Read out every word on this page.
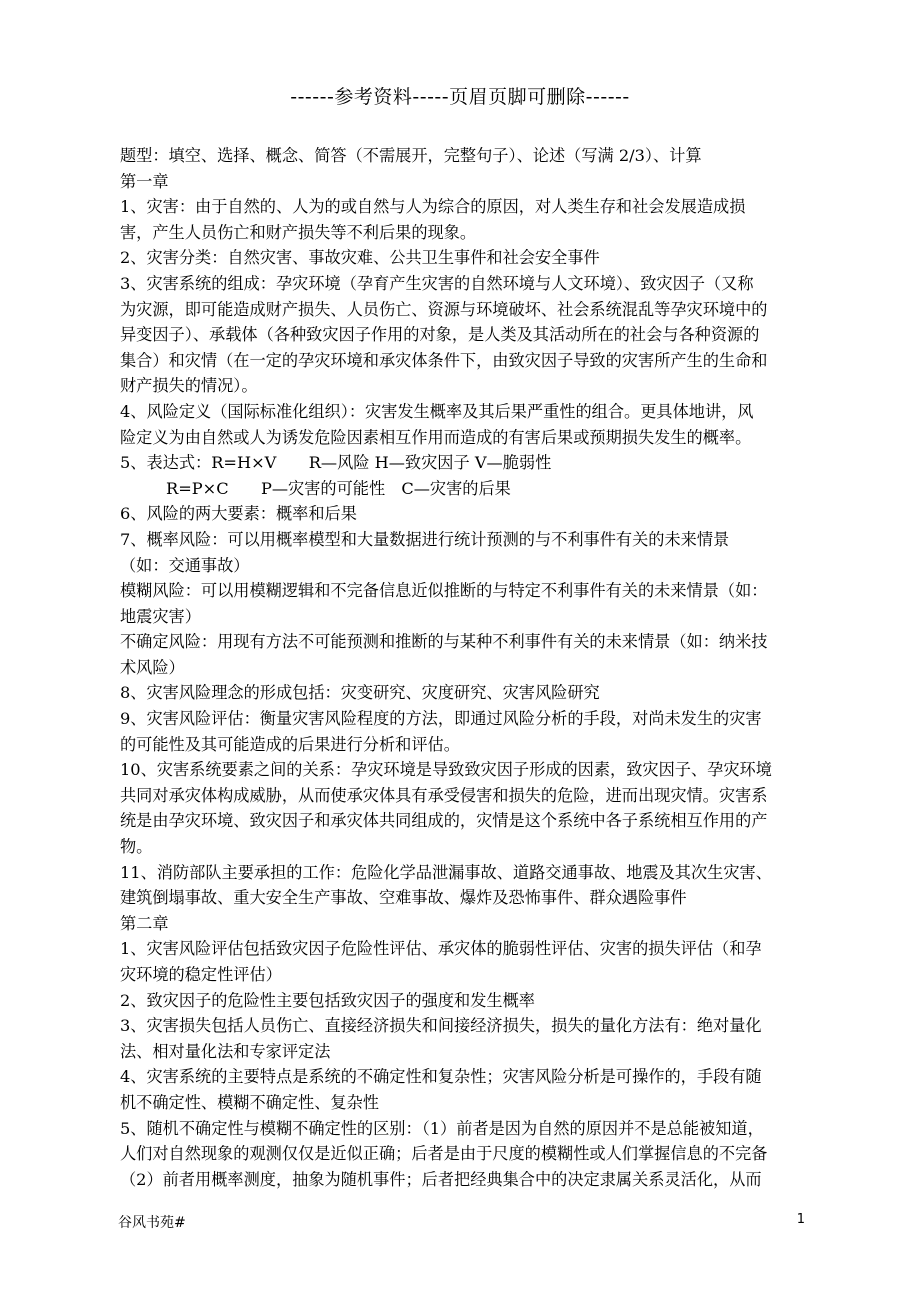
------参考资料-----页眉页脚可删除------

题型：填空、选择、概念、简答（不需展开，完整句子）、论述（写满 2/3）、计算

第一章

1、灾害：由于自然的、人为的或自然与人为综合的原因，对人类生存和社会发展造成损

害，产生人员伤亡和财产损失等不利后果的现象。

2、灾害分类：自然灾害、事故灾难、公共卫生事件和社会安全事件

3、灾害系统的组成：孕灾环境（孕育产生灾害的自然环境与人文环境）、致灾因子（又称

为灾源，即可能造成财产损失、人员伤亡、资源与环境破坏、社会系统混乱等孕灾环境中的

异变因子）、承载体（各种致灾因子作用的对象，是人类及其活动所在的社会与各种资源的

集合）和灾情（在一定的孕灾环境和承灾体条件下，由致灾因子导致的灾害所产生的生命和

财产损失的情况）。

4、风险定义（国际标准化组织）：灾害发生概率及其后果严重性的组合。更具体地讲，风

险定义为由自然或人为诱发危险因素相互作用而造成的有害后果或预期损失发生的概率。

5、表达式：R=H×V　　R—风险 H—致灾因子 V—脆弱性

R=P×C　　P—灾害的可能性　C—灾害的后果

6、风险的两大要素：概率和后果

7、概率风险：可以用概率模型和大量数据进行统计预测的与不利事件有关的未来情景

（如：交通事故）

模糊风险：可以用模糊逻辑和不完备信息近似推断的与特定不利事件有关的未来情景（如：

地震灾害）

不确定风险：用现有方法不可能预测和推断的与某种不利事件有关的未来情景（如：纳米技

术风险）

8、灾害风险理念的形成包括：灾变研究、灾度研究、灾害风险研究

9、灾害风险评估：衡量灾害风险程度的方法，即通过风险分析的手段，对尚未发生的灾害

的可能性及其可能造成的后果进行分析和评估。

10、灾害系统要素之间的关系：孕灾环境是导致致灾因子形成的因素，致灾因子、孕灾环境

共同对承灾体构成威胁，从而使承灾体具有承受侵害和损失的危险，进而出现灾情。灾害系

统是由孕灾环境、致灾因子和承灾体共同组成的，灾情是这个系统中各子系统相互作用的产

物。

11、消防部队主要承担的工作：危险化学品泄漏事故、道路交通事故、地震及其次生灾害、

建筑倒塌事故、重大安全生产事故、空难事故、爆炸及恐怖事件、群众遇险事件

第二章

1、灾害风险评估包括致灾因子危险性评估、承灾体的脆弱性评估、灾害的损失评估（和孕

灾环境的稳定性评估）

2、致灾因子的危险性主要包括致灾因子的强度和发生概率

3、灾害损失包括人员伤亡、直接经济损失和间接经济损失，损失的量化方法有：绝对量化

法、相对量化法和专家评定法

4、灾害系统的主要特点是系统的不确定性和复杂性；灾害风险分析是可操作的，手段有随

机不确定性、模糊不确定性、复杂性

5、随机不确定性与模糊不确定性的区别：（1）前者是因为自然的原因并不是总能被知道，

人们对自然现象的观测仅仅是近似正确；后者是由于尺度的模糊性或人们掌握信息的不完备

（2）前者用概率测度，抽象为随机事件；后者把经典集合中的决定隶属关系灵活化，从而

谷风书苑#	1
